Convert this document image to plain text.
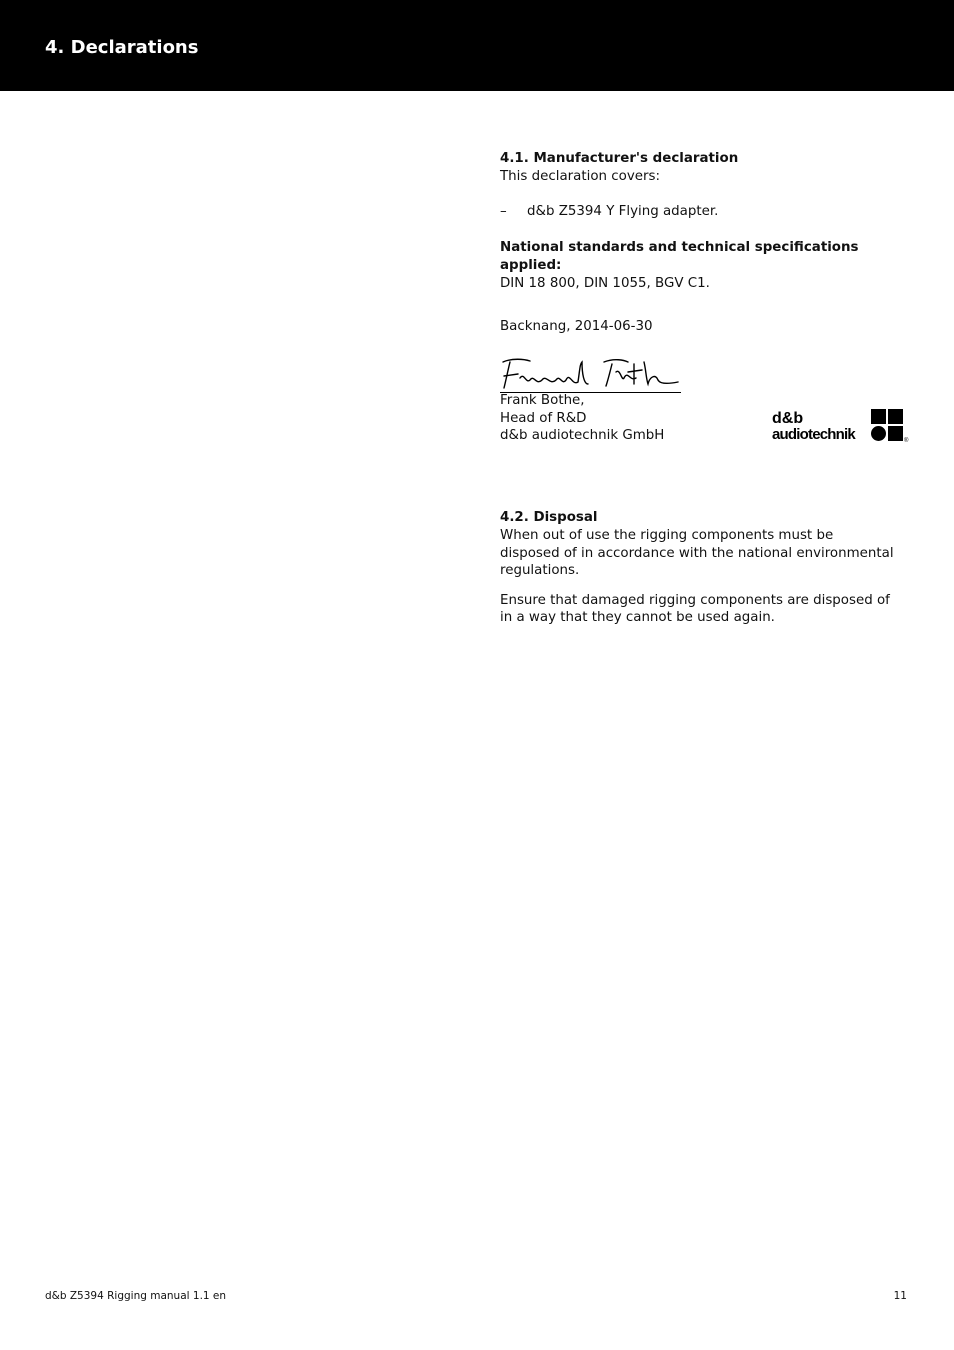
4. Declarations
4.1. Manufacturer's declaration

This declaration covers:

– d&b Z5394 Y Flying adapter.
National standards and technical specifications applied:

DIN 18 800, DIN 1055, BGV C1.

Backnang, 2014-06-30
Frank Bothe,
Head of R&D
d&b audiotechnik GmbH
d&b
audiotechnik	®
4.2. Disposal

When out of use the rigging components must be disposed of in accordance with the national environmental regulations.

Ensure that damaged rigging components are disposed of in a way that they cannot be used again.

d&b Z5394 Rigging manual 1.1 en	11
